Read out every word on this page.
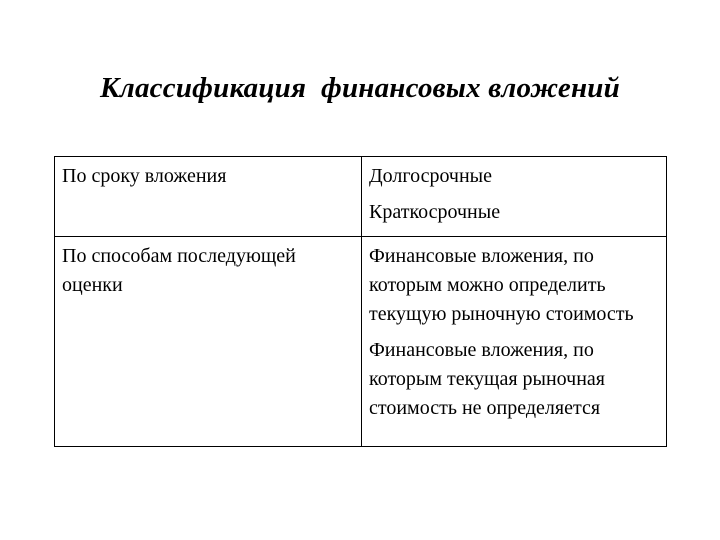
Классификация  финансовых вложений
По сроку вложения	Долгосрочные
Краткосрочные

По способам последующей оценки	Финансовые вложения, по которым можно определить текущую рыночную стоимость
Финансовые вложения, по которым текущая рыночная стоимость не определяется
